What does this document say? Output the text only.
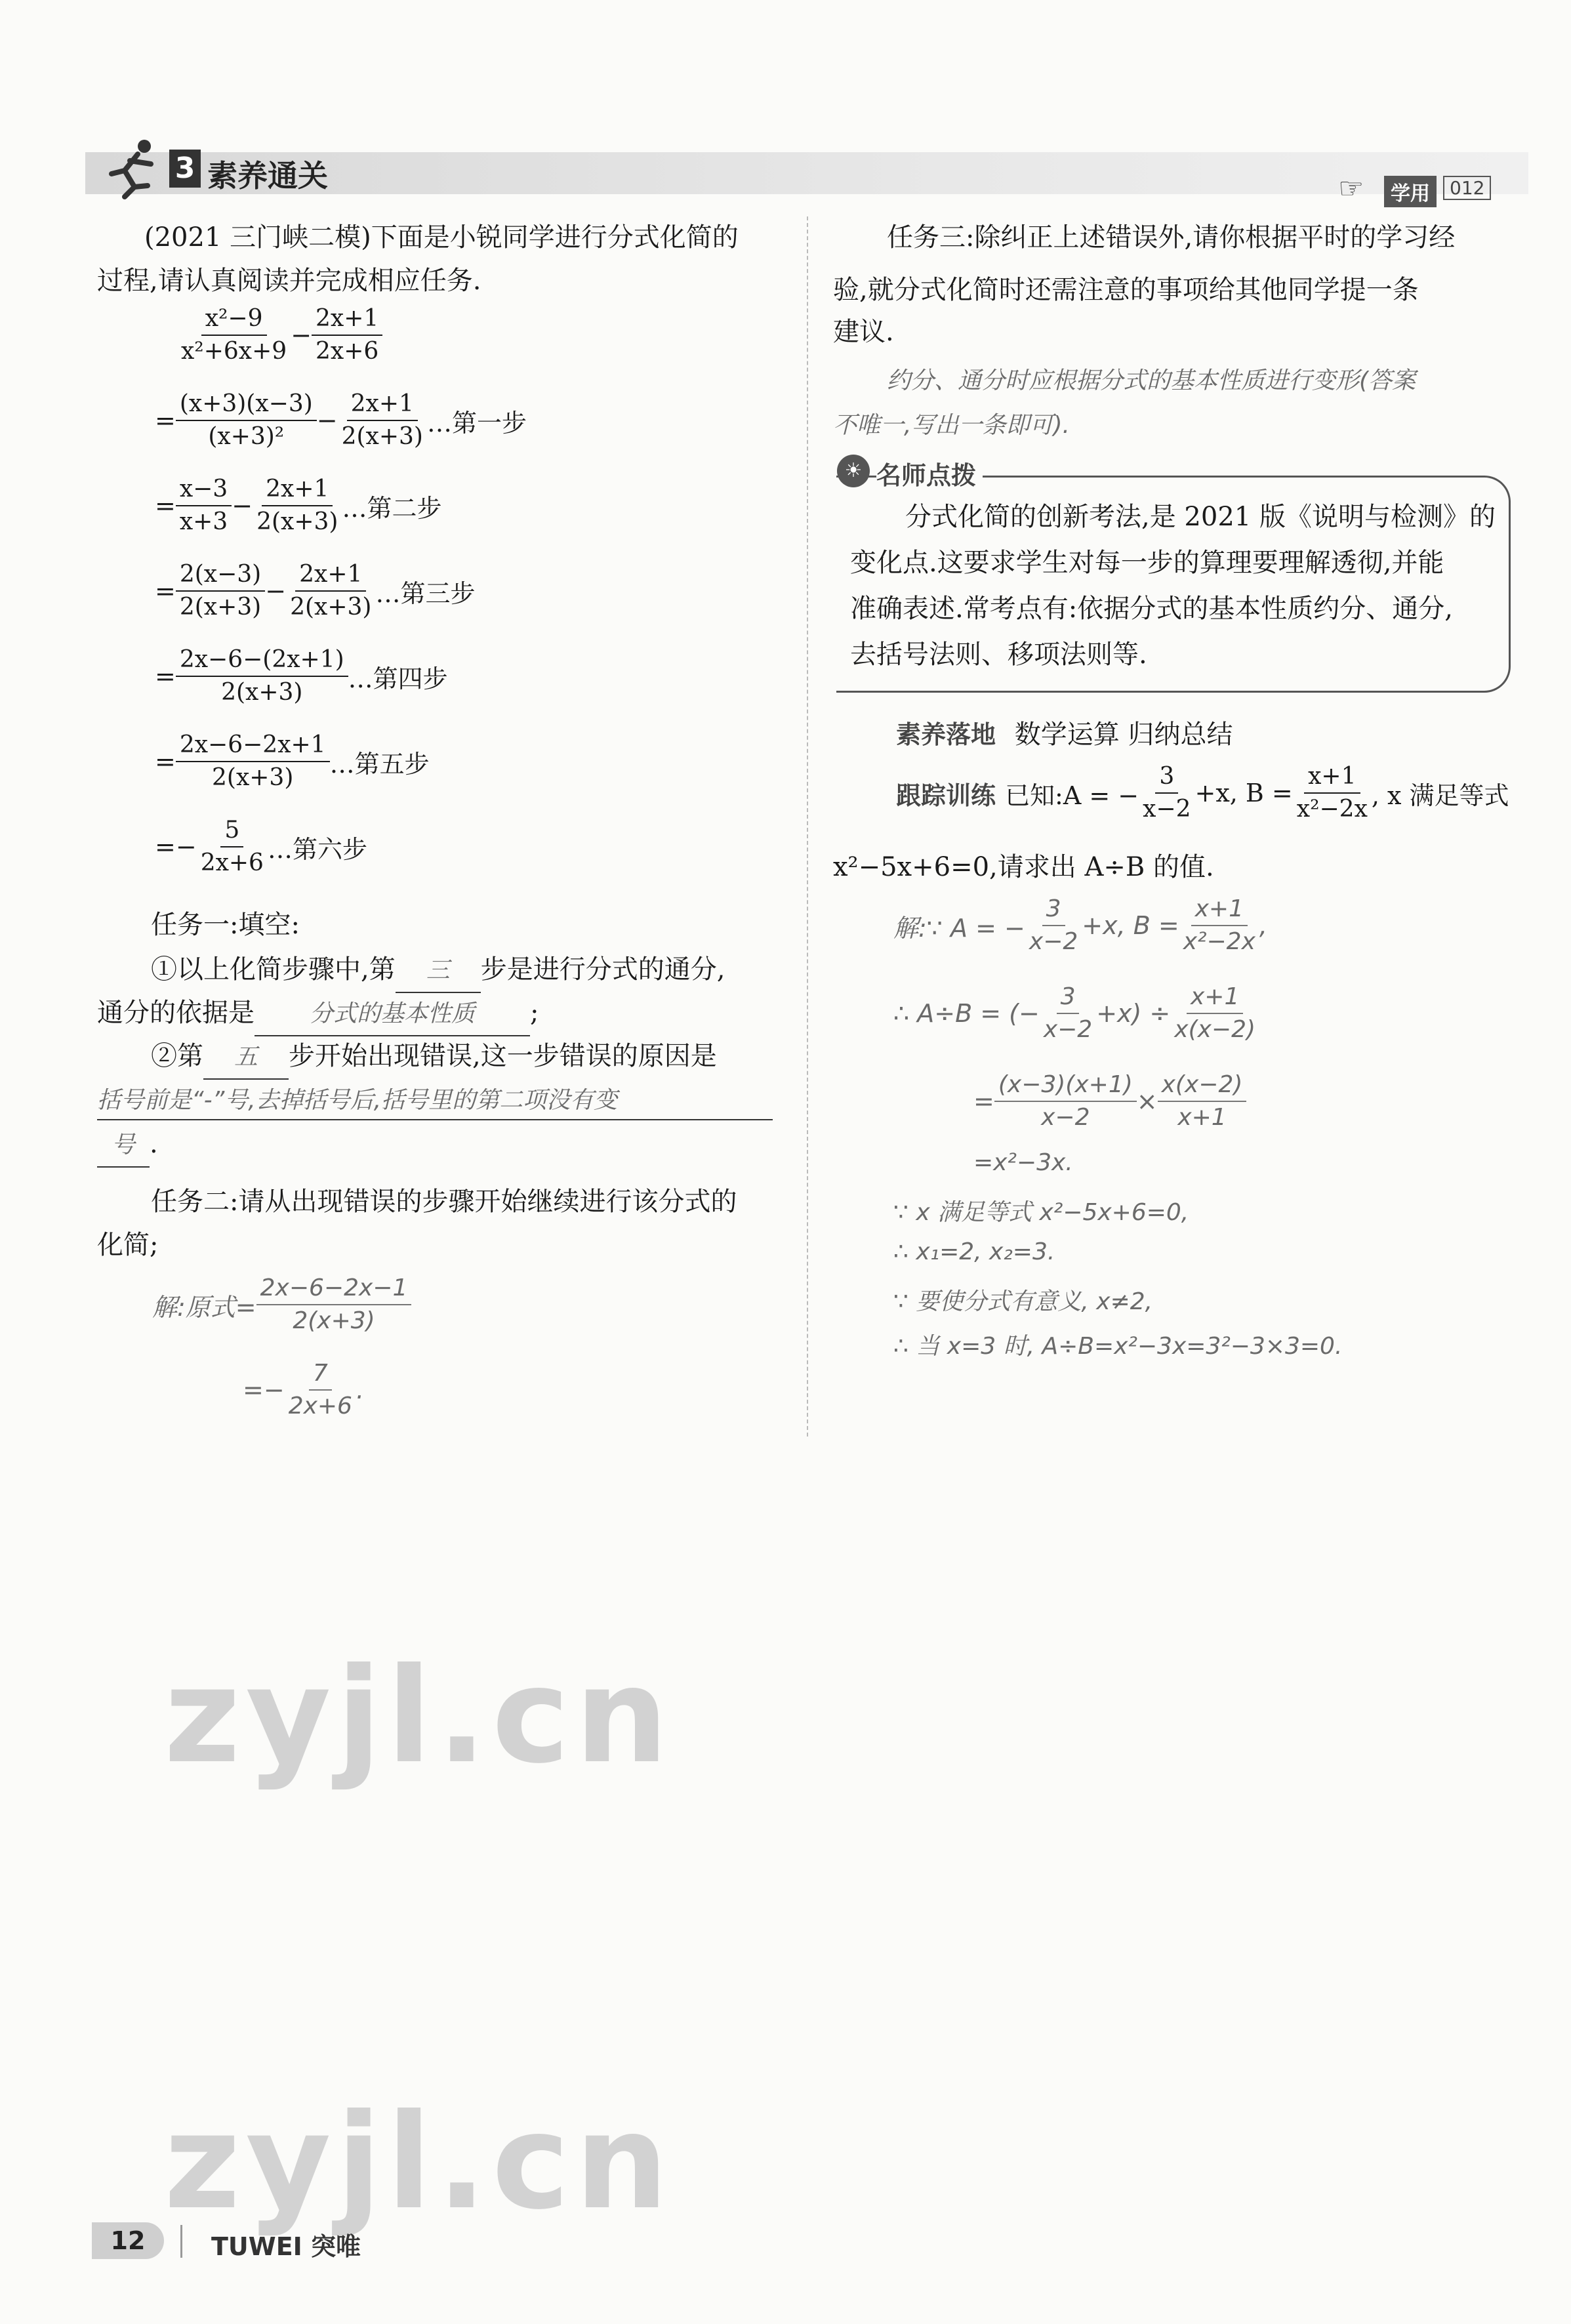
3 素养通关	☞	学用	012
(2021 三门峡二模)下面是小锐同学进行分式化简的
过程,请认真阅读并完成相应任务.
$\frac{\text{x²−9}}{\text{x²+6x+9}} - \frac{2x+1}{2x+6}$
= $\frac{(x+3)(x-3)}{\text{(x+3)²}} - \frac{2x+1}{2(x+3)}$ …第一步
= $\frac{x-3}{x+3} - \frac{2x+1}{2(x+3)}$ …第二步
= $\frac{2(x-3)}{2(x+3)} - \frac{2x+1}{2(x+3)}$ …第三步
= $\frac{2x-6-(2x+1)}{2(x+3)}$ …第四步
= $\frac{2x-6-2x+1}{2(x+3)}$ …第五步
=− $\frac{5}{2x+6}$ …第六步
任务一:填空:
①以上化简步骤中,第 三 步是进行分式的通分,
通分的依据是 分式的基本性质 ;
②第 五 步开始出现错误,这一步错误的原因是
括号前是“-”号,去掉括号后,括号里的第二项没有变
号 .
任务二:请从出现错误的步骤开始继续进行该分式的
化简;
解:原式= $\frac{2x-6-2x-1}{2(x+3)}$
=− $\frac{7}{2x+6}$ .
任务三:除纠正上述错误外,请你根据平时的学习经
验,就分式化简时还需注意的事项给其他同学提一条
建议.
约分、通分时应根据分式的基本性质进行变形(答案
不唯一,写出一条即可).
☀ 名师点拨
分式化简的创新考法,是 2021 版《说明与检测》的
变化点.这要求学生对每一步的算理要理解透彻,并能
准确表述.常考点有:依据分式的基本性质约分、通分,
去括号法则、移项法则等.
素养落地 数学运算 归纳总结
跟踪训练 已知:A = − $\frac{3}{x-2} +x$, $B = \frac{x+1}{\text{x²−2x}}$ , x 满足等式
x²−5x+6=0,请求出 A÷B 的值.
解:∵ A = − $\frac{3}{x-2} +x$, $B = \frac{x+1}{\text{x²−2x}}$ ,
∴ A÷B = (− $\frac{3}{x-2} +x) \div \frac{x+1}{x(x-2)}$
= $\frac{(x-3)(x+1)}{x-2} \times \frac{x(x-2)}{x+1}$
=x²−3x.
∵ x 满足等式 x²−5x+6=0,
∴ x₁=2, x₂=3.
∵ 要使分式有意义, x≠2,
∴ 当 x=3 时, A÷B=x²−3x=3²−3×3=0.
zyjl.cn
zyjl.cn
12	TUWEI 突唯
